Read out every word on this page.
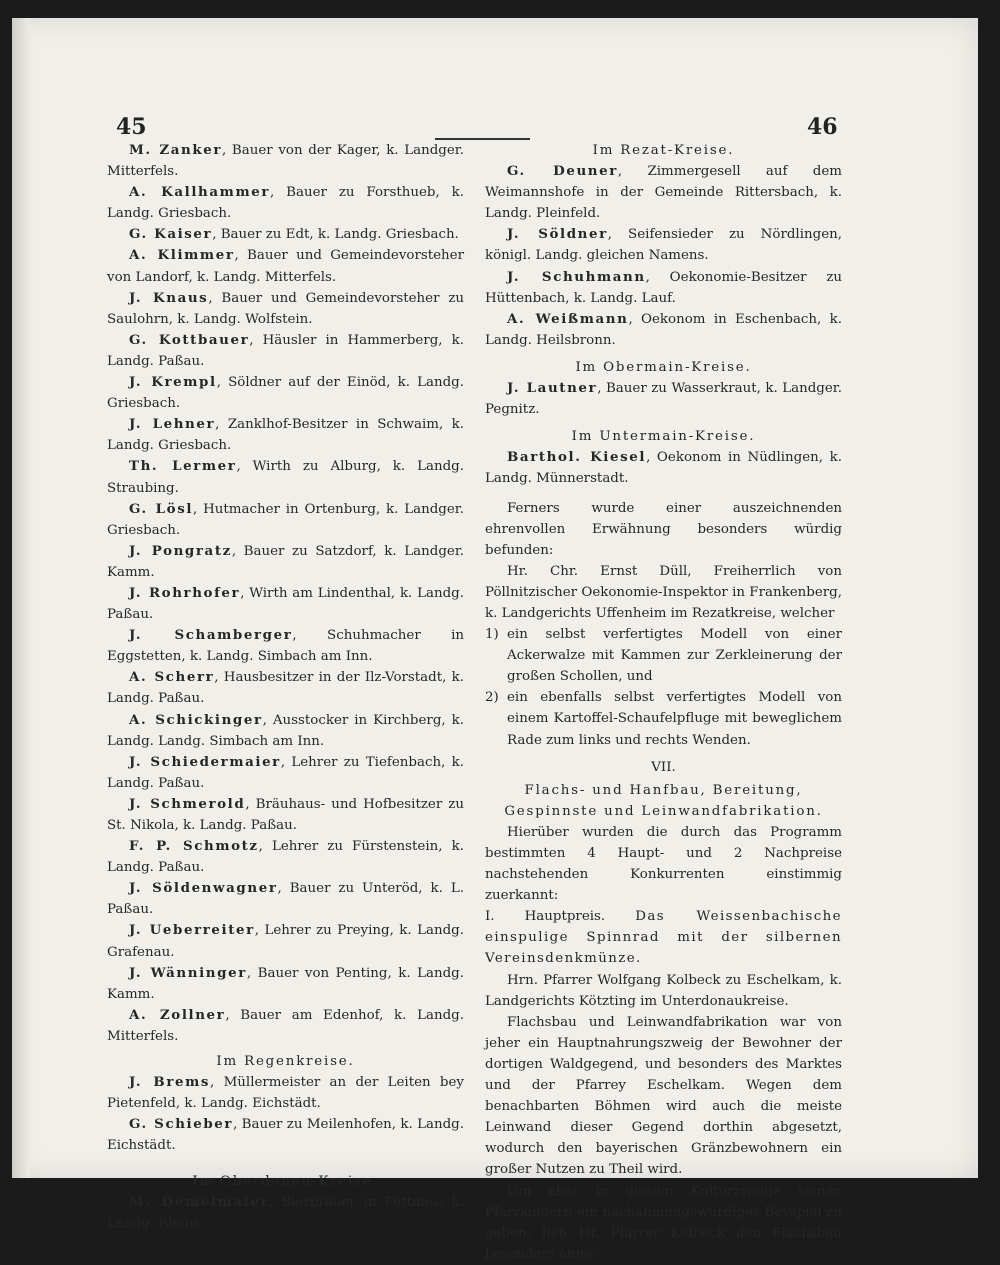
45	46

M. Zanker, Bauer von der Kager, k. Landger. Mitterfels.

A. Kallhammer, Bauer zu Forsthueb, k. Landg. Griesbach.

G. Kaiser, Bauer zu Edt, k. Landg. Griesbach.

A. Klimmer, Bauer und Gemeindevorsteher von Landorf, k. Landg. Mitterfels.

J. Knaus, Bauer und Gemeindevorsteher zu Saulohrn, k. Landg. Wolfstein.

G. Kottbauer, Häusler in Hammerberg, k. Landg. Paßau.

J. Krempl, Söldner auf der Einöd, k. Landg. Griesbach.

J. Lehner, Zanklhof-Besitzer in Schwaim, k. Landg. Griesbach.

Th. Lermer, Wirth zu Alburg, k. Landg. Straubing.

G. Lösl, Hutmacher in Ortenburg, k. Landger. Griesbach.

J. Pongratz, Bauer zu Satzdorf, k. Landger. Kamm.

J. Rohrhofer, Wirth am Lindenthal, k. Landg. Paßau.

J. Schamberger, Schuhmacher in Eggstetten, k. Landg. Simbach am Inn.

A. Scherr, Hausbesitzer in der Ilz-Vorstadt, k. Landg. Paßau.

A. Schickinger, Ausstocker in Kirchberg, k. Landg. Landg. Simbach am Inn.

J. Schiedermaier, Lehrer zu Tiefenbach, k. Landg. Paßau.

J. Schmerold, Bräuhaus- und Hofbesitzer zu St. Nikola, k. Landg. Paßau.

F. P. Schmotz, Lehrer zu Fürstenstein, k. Landg. Paßau.

J. Söldenwagner, Bauer zu Unteröd, k. L. Paßau.

J. Ueberreiter, Lehrer zu Preying, k. Landg. Grafenau.

J. Wänninger, Bauer von Penting, k. Landg. Kamm.

A. Zollner, Bauer am Edenhof, k. Landg. Mitterfels.

Im Regenkreise.

J. Brems, Müllermeister an der Leiten bey Pietenfeld, k. Landg. Eichstädt.

G. Schieber, Bauer zu Meilenhofen, k. Landg. Eichstädt.

Im Oberdonau-Kreise.

M. Demelmaier, Bierbräuer in Pöttmes, k. Landg. Rhain.

Im Rezat-Kreise.

G. Deuner, Zimmergesell auf dem Weimannshofe in der Gemeinde Rittersbach, k. Landg. Pleinfeld.

J. Söldner, Seifensieder zu Nördlingen, königl. Landg. gleichen Namens.

J. Schuhmann, Oekonomie-Besitzer zu Hüttenbach, k. Landg. Lauf.

A. Weißmann, Oekonom in Eschenbach, k. Landg. Heilsbronn.

Im Obermain-Kreise.

J. Lautner, Bauer zu Wasserkraut, k. Landger. Pegnitz.

Im Untermain-Kreise.

Barthol. Kiesel, Oekonom in Nüdlingen, k. Landg. Münnerstadt.

Ferners wurde einer auszeichnenden ehrenvollen Erwähnung besonders würdig befunden:

Hr. Chr. Ernst Düll, Freiherrlich von Pöllnitzischer Oekonomie-Inspektor in Frankenberg, k. Landgerichts Uffenheim im Rezatkreise, welcher

1) ein selbst verfertigtes Modell von einer Ackerwalze mit Kammen zur Zerkleinerung der großen Schollen, und
2) ein ebenfalls selbst verfertigtes Modell von einem Kartoffel-Schaufelpfluge mit beweglichem Rade zum links und rechts Wenden.

VII.

Flachs- und Hanfbau, Bereitung, Gespinnste und Leinwandfabrikation.

Hierüber wurden die durch das Programm bestimmten 4 Haupt- und 2 Nachpreise nachstehenden Konkurrenten einstimmig zuerkannt:

I. Hauptpreis. Das Weissenbachische einspulige Spinnrad mit der silbernen Vereinsdenkmünze.

Hrn. Pfarrer Wolfgang Kolbeck zu Eschelkam, k. Landgerichts Kötzting im Unterdonaukreise.

Flachsbau und Leinwandfabrikation war von jeher ein Hauptnahrungszweig der Bewohner der dortigen Waldgegend, und besonders des Marktes und der Pfarrey Eschelkam. Wegen dem benachbarten Böhmen wird auch die meiste Leinwand dieser Gegend dorthin abgesetzt, wodurch den bayerischen Gränzbewohnern ein großer Nutzen zu Theil wird.

Um aber in diesem Kulturzweige seinen Pfarrkindern ein nachahmungswürdiges Beyspiel zu geben, ließ Hr. Pfarrer Kolbeck den Flachsbau besonders ange-
